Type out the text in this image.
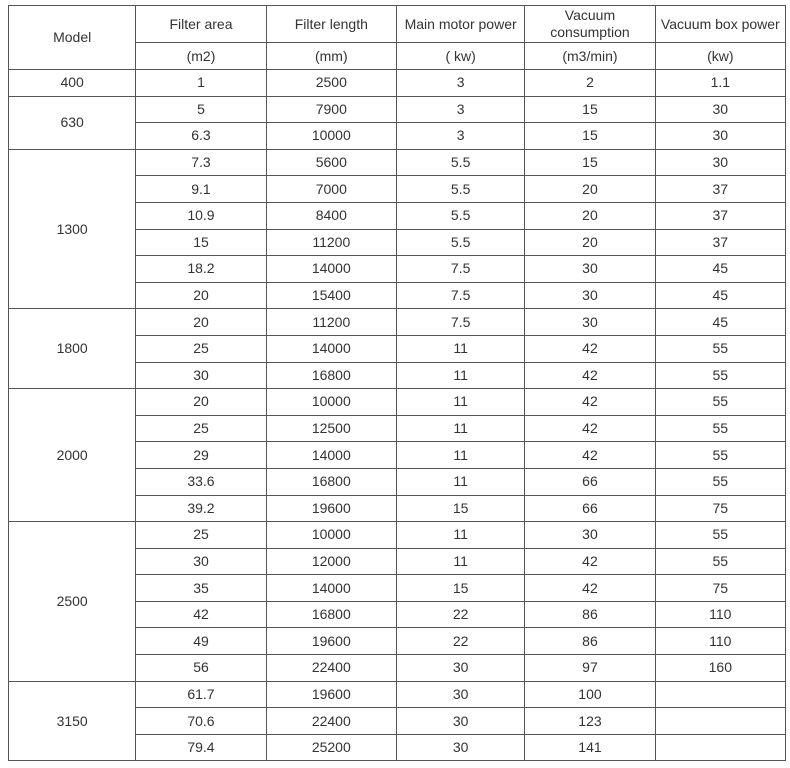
Model	Filter area	Filter length	Main motor power	Vacuum consumption	Vacuum box power
	(m2)	(mm)	( kw)	(m3/min)	(kw)
400	1	2500	3	2	1.1
630	5	7900	3	15	30
	6.3	10000	3	15	30
1300	7.3	5600	5.5	15	30
	9.1	7000	5.5	20	37
	10.9	8400	5.5	20	37
	15	11200	5.5	20	37
	18.2	14000	7.5	30	45
	20	15400	7.5	30	45
1800	20	11200	7.5	30	45
	25	14000	11	42	55
	30	16800	11	42	55
2000	20	10000	11	42	55
	25	12500	11	42	55
	29	14000	11	42	55
	33.6	16800	11	66	55
	39.2	19600	15	66	75
2500	25	10000	11	30	55
	30	12000	11	42	55
	35	14000	15	42	75
	42	16800	22	86	110
	49	19600	22	86	110
	56	22400	30	97	160
3150	61.7	19600	30	100	
	70.6	22400	30	123	
	79.4	25200	30	141	
